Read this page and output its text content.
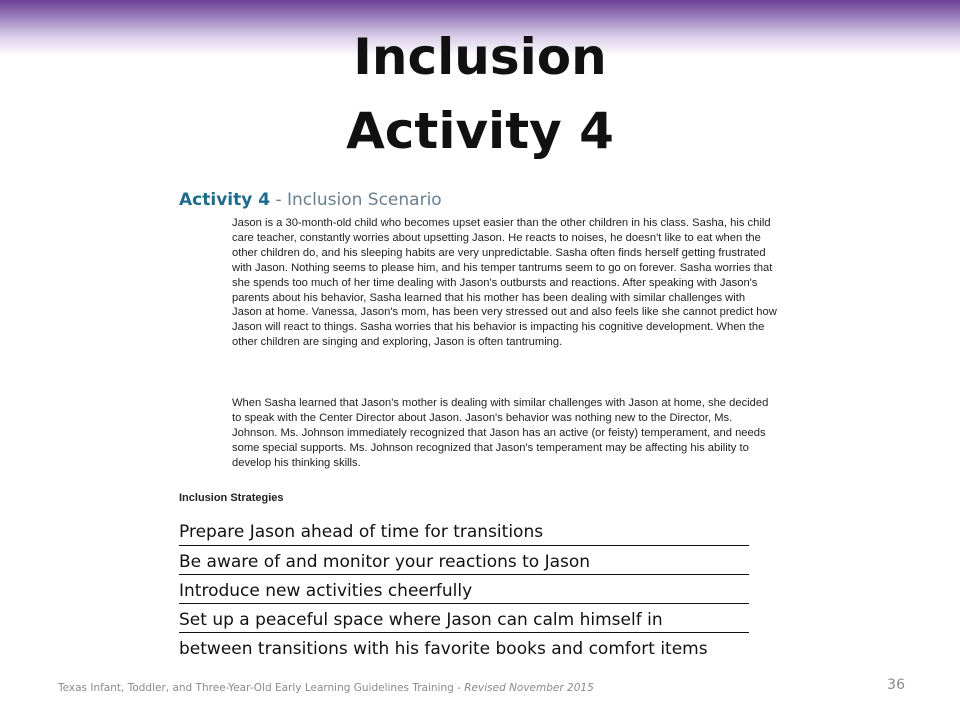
Inclusion
Activity 4
Activity 4 - Inclusion Scenario
Jason is a 30-month-old child who becomes upset easier than the other children in his class. Sasha, his child care teacher, constantly worries about upsetting Jason. He reacts to noises, he doesn't like to eat when the other children do, and his sleeping habits are very unpredictable. Sasha often finds herself getting frustrated with Jason. Nothing seems to please him, and his temper tantrums seem to go on forever. Sasha worries that she spends too much of her time dealing with Jason's outbursts and reactions. After speaking with Jason's parents about his behavior, Sasha learned that his mother has been dealing with similar challenges with Jason at home. Vanessa, Jason's mom, has been very stressed out and also feels like she cannot predict how Jason will react to things. Sasha worries that his behavior is impacting his cognitive development. When the other children are singing and exploring, Jason is often tantruming.
When Sasha learned that Jason's mother is dealing with similar challenges with Jason at home, she decided to speak with the Center Director about Jason. Jason's behavior was nothing new to the Director, Ms. Johnson. Ms. Johnson immediately recognized that Jason has an active (or feisty) temperament, and needs some special supports. Ms. Johnson recognized that Jason's temperament may be affecting his ability to develop his thinking skills.
Inclusion Strategies
Prepare Jason ahead of time for transitions
Be aware of and monitor your reactions to Jason
Introduce new activities cheerfully
Set up a peaceful space where Jason can calm himself in
between transitions with his favorite books and comfort items
Texas Infant, Toddler, and Three-Year-Old Early Learning Guidelines Training - Revised November 2015	36
